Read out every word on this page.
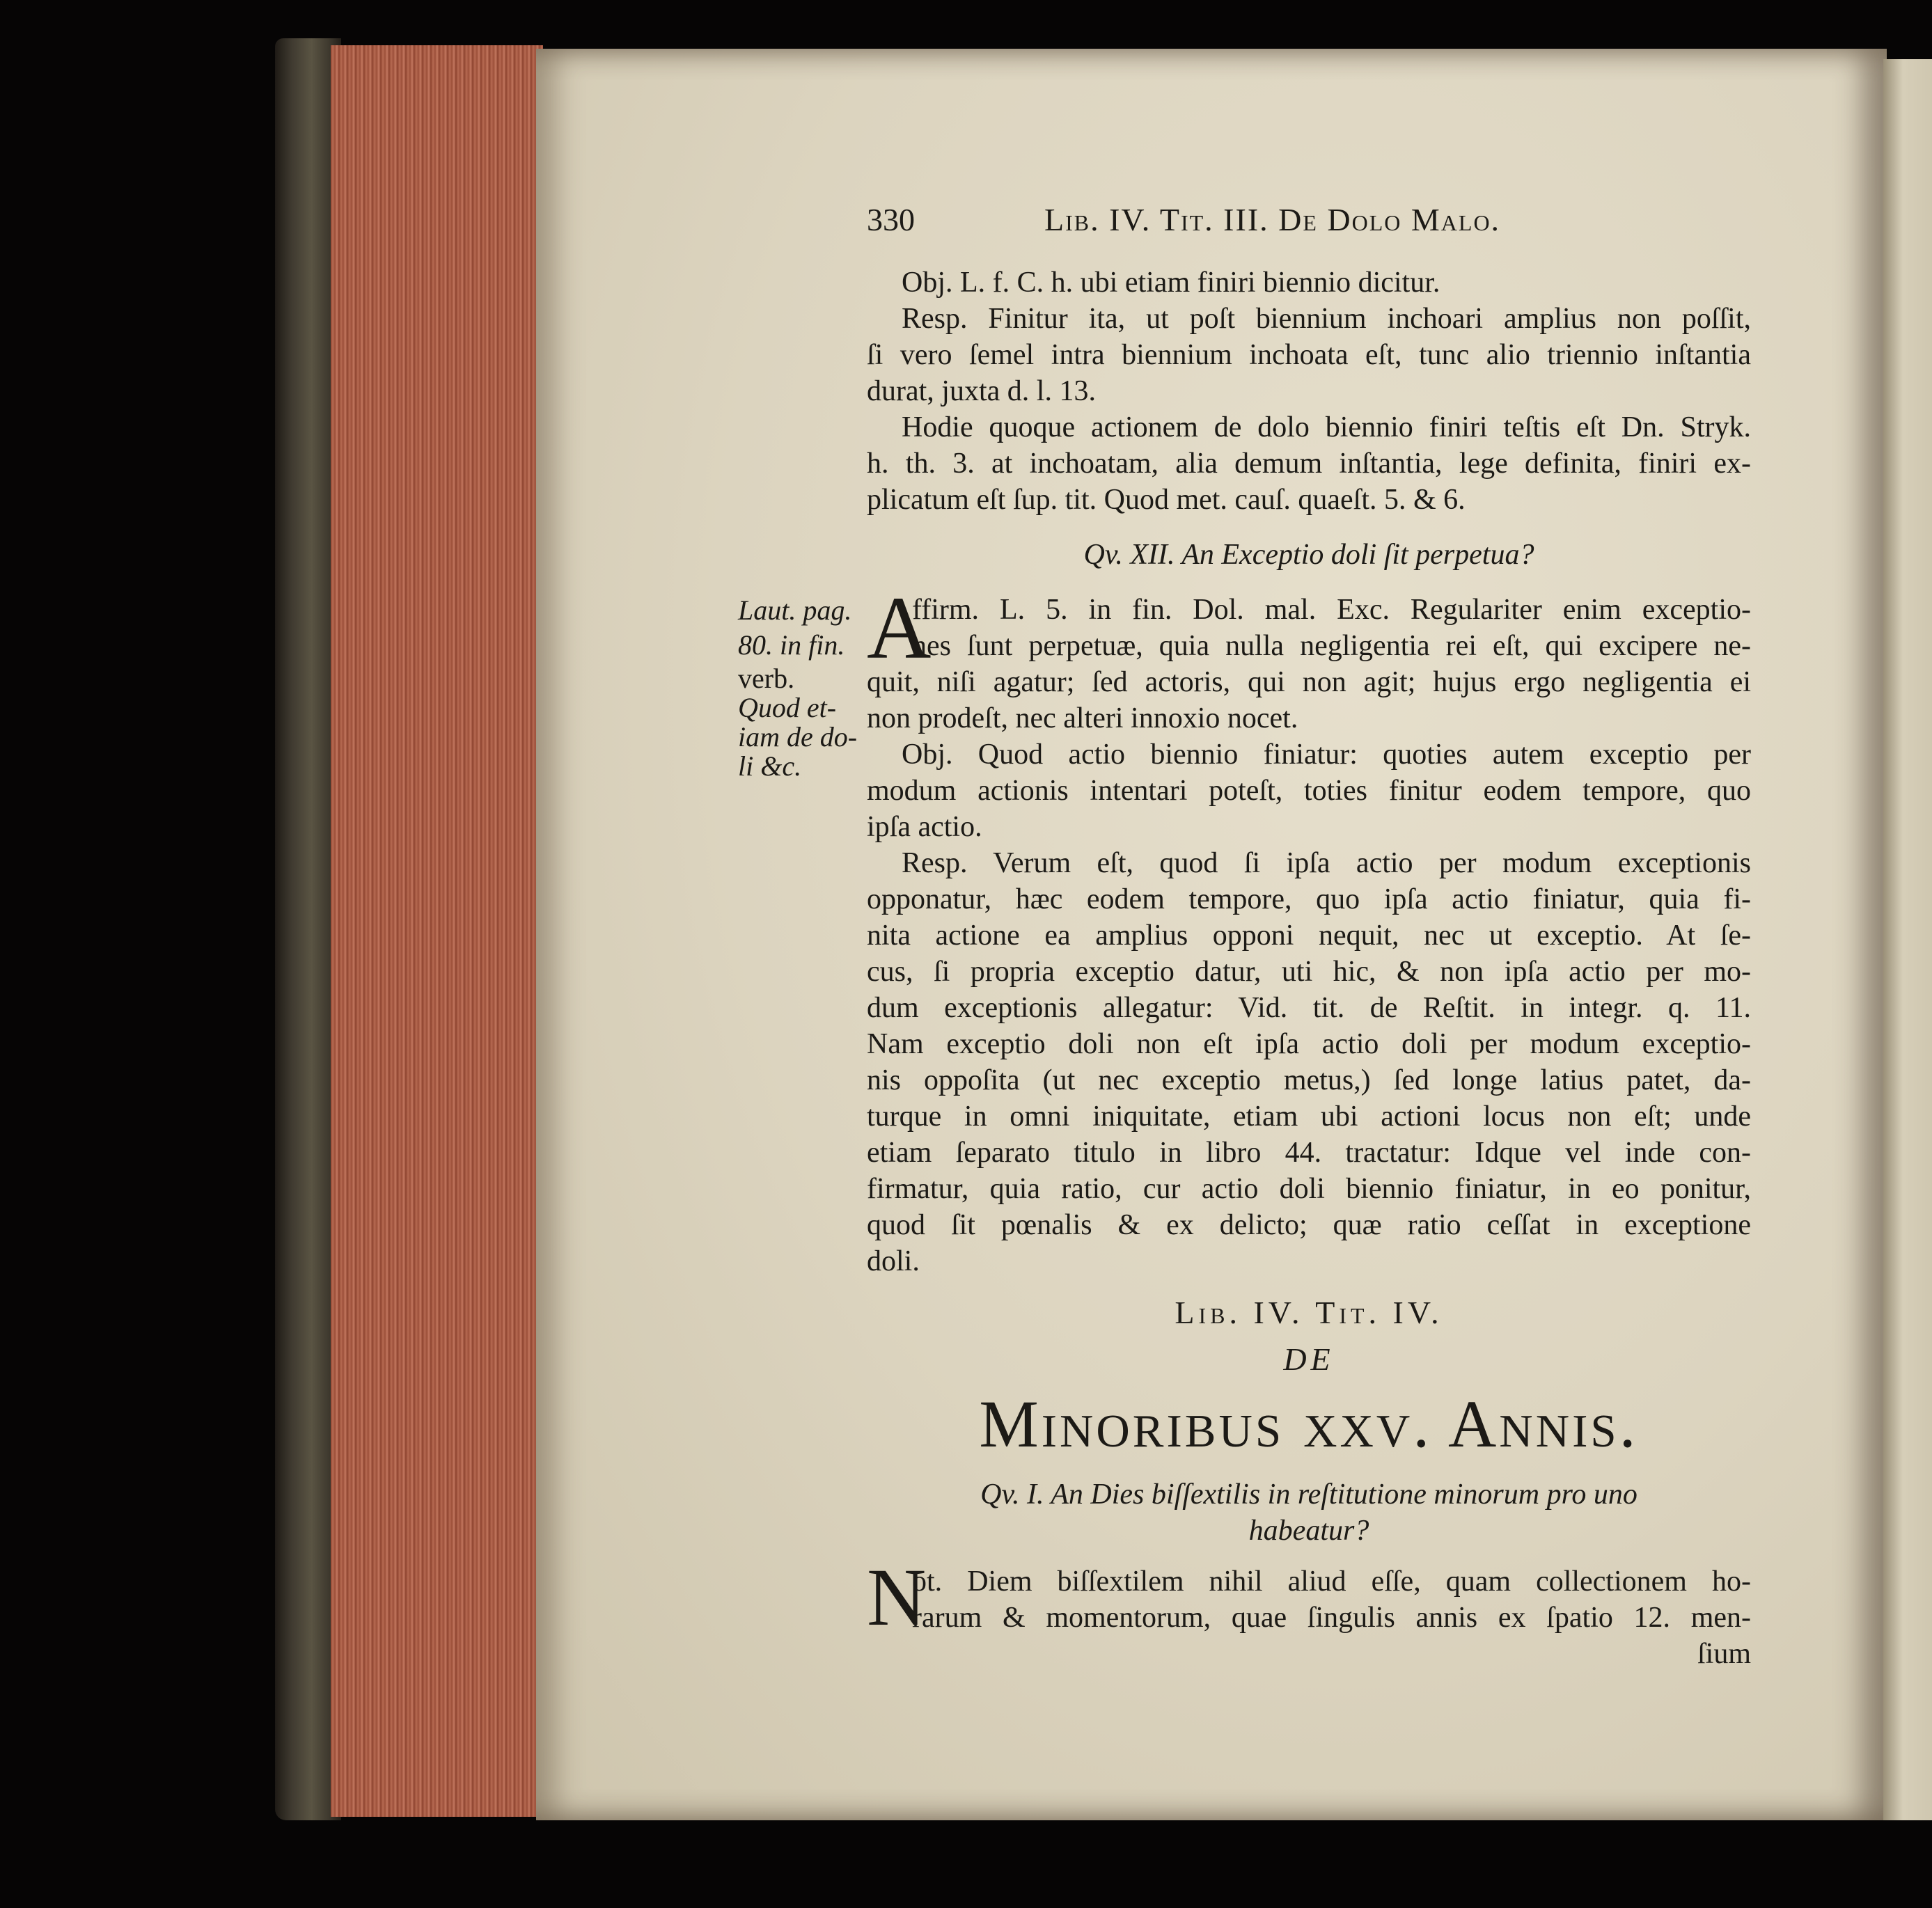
330	Lib. IV. Tit. III. De Dolo Malo.
Obj. L. f. C. h. ubi etiam finiri biennio dicitur.
Resp. Finitur ita, ut poſt biennium inchoari amplius non poſſit,
ſi vero ſemel intra biennium inchoata eſt, tunc alio triennio inſtantia
durat, juxta d. l. 13.
Hodie quoque actionem de dolo biennio finiri teſtis eſt Dn. Stryk.
h. th. 3. at inchoatam, alia demum inſtantia, lege definita, finiri ex-
plicatum eſt ſup. tit. Quod met. cauſ. quaeſt. 5. & 6.
Qv. XII. An Exceptio doli ſit perpetua?
Laut. pag.
80. in fin.
verb.
Quod et-
iam de do-
li &c.
A
ffirm. L. 5. in fin. Dol. mal. Exc. Regulariter enim exceptio-
nes ſunt perpetuæ, quia nulla negligentia rei eſt, qui excipere ne-
quit, niſi agatur; ſed actoris, qui non agit; hujus ergo negligentia ei
non prodeſt, nec alteri innoxio nocet.
Obj. Quod actio biennio finiatur: quoties autem exceptio per
modum actionis intentari poteſt, toties finitur eodem tempore, quo
ipſa actio.
Resp. Verum eſt, quod ſi ipſa actio per modum exceptionis
opponatur, hæc eodem tempore, quo ipſa actio finiatur, quia fi-
nita actione ea amplius opponi nequit, nec ut exceptio. At ſe-
cus, ſi propria exceptio datur, uti hic, & non ipſa actio per mo-
dum exceptionis allegatur: Vid. tit. de Reſtit. in integr. q. 11.
Nam exceptio doli non eſt ipſa actio doli per modum exceptio-
nis oppoſita (ut nec exceptio metus,) ſed longe latius patet, da-
turque in omni iniquitate, etiam ubi actioni locus non eſt; unde
etiam ſeparato titulo in libro 44. tractatur: Idque vel inde con-
firmatur, quia ratio, cur actio doli biennio finiatur, in eo ponitur,
quod ſit pœnalis & ex delicto; quæ ratio ceſſat in exceptione
doli.
Lib. IV. Tit. IV.
DE
Minoribus xxv. Annis.
Qv. I. An Dies biſſextilis in reſtitutione minorum pro uno
habeatur?
N
ot. Diem biſſextilem nihil aliud eſſe, quam collectionem ho-
rarum & momentorum, quae ſingulis annis ex ſpatio 12. men-
ſium
